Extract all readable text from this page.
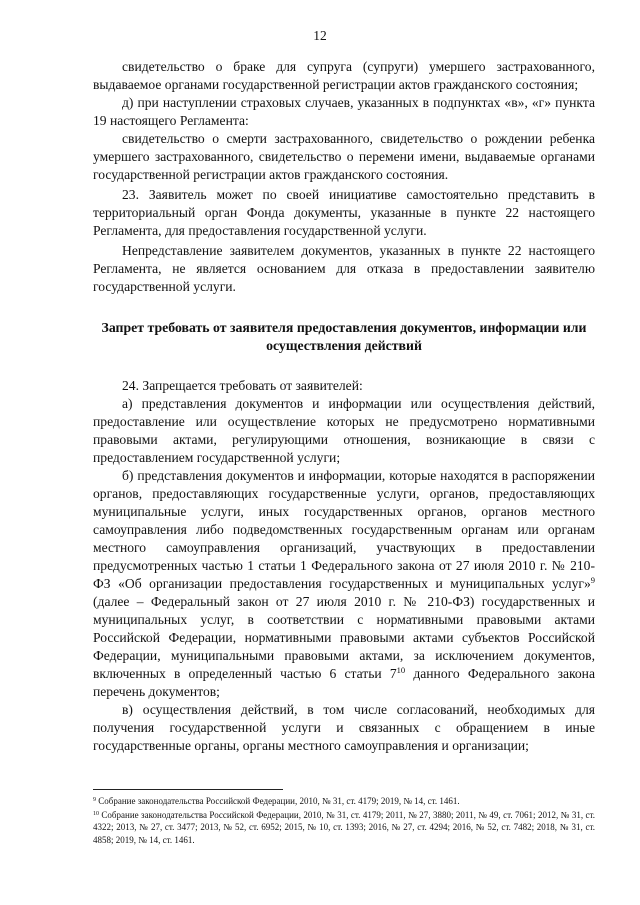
12

свидетельство о браке для супруга (супруги) умершего застрахованного, выдаваемое органами государственной регистрации актов гражданского состояния;

д) при наступлении страховых случаев, указанных в подпунктах «в», «г» пункта 19 настоящего Регламента:

свидетельство о смерти застрахованного, свидетельство о рождении ребенка умершего застрахованного, свидетельство о перемени имени, выдаваемые органами государственной регистрации актов гражданского состояния.

23. Заявитель может по своей инициативе самостоятельно представить в территориальный орган Фонда документы, указанные в пункте 22 настоящего Регламента, для предоставления государственной услуги.

Непредставление заявителем документов, указанных в пункте 22 настоящего Регламента, не является основанием для отказа в предоставлении заявителю государственной услуги.

Запрет требовать от заявителя предоставления документов, информации или осуществления действий

24. Запрещается требовать от заявителей:

а) представления документов и информации или осуществления действий, предоставление или осуществление которых не предусмотрено нормативными правовыми актами, регулирующими отношения, возникающие в связи с предоставлением государственной услуги;

б) представления документов и информации, которые находятся в распоряжении органов, предоставляющих государственные услуги, органов, предоставляющих муниципальные услуги, иных государственных органов, органов местного самоуправления либо подведомственных государственным органам или органам местного самоуправления организаций, участвующих в предоставлении предусмотренных частью 1 статьи 1 Федерального закона от 27 июля 2010 г. № 210-ФЗ «Об организации предоставления государственных и муниципальных услуг»$^9$ (далее – Федеральный закон от 27 июля 2010 г. № 210-ФЗ) государственных и муниципальных услуг, в соответствии с нормативными правовыми актами Российской Федерации, нормативными правовыми актами субъектов Российской Федерации, муниципальными правовыми актами, за исключением документов, включенных в определенный частью 6 статьи $7^{10}$ данного Федерального закона перечень документов;

в) осуществления действий, в том числе согласований, необходимых для получения государственной услуги и связанных с обращением в иные государственные органы, органы местного самоуправления и организации;

$^9$ Собрание законодательства Российской Федерации, 2010, № 31, ст. 4179; 2019, № 14, ст. 1461.

$^{10}$ Собрание законодательства Российской Федерации, 2010, № 31, ст. 4179; 2011, № 27, 3880; 2011, № 49, ст. 7061; 2012, № 31, ст. 4322; 2013, № 27, ст. 3477; 2013, № 52, ст. 6952; 2015, № 10, ст. 1393; 2016, № 27, ст. 4294; 2016, № 52, ст. 7482; 2018, № 31, ст. 4858; 2019, № 14, ст. 1461.
